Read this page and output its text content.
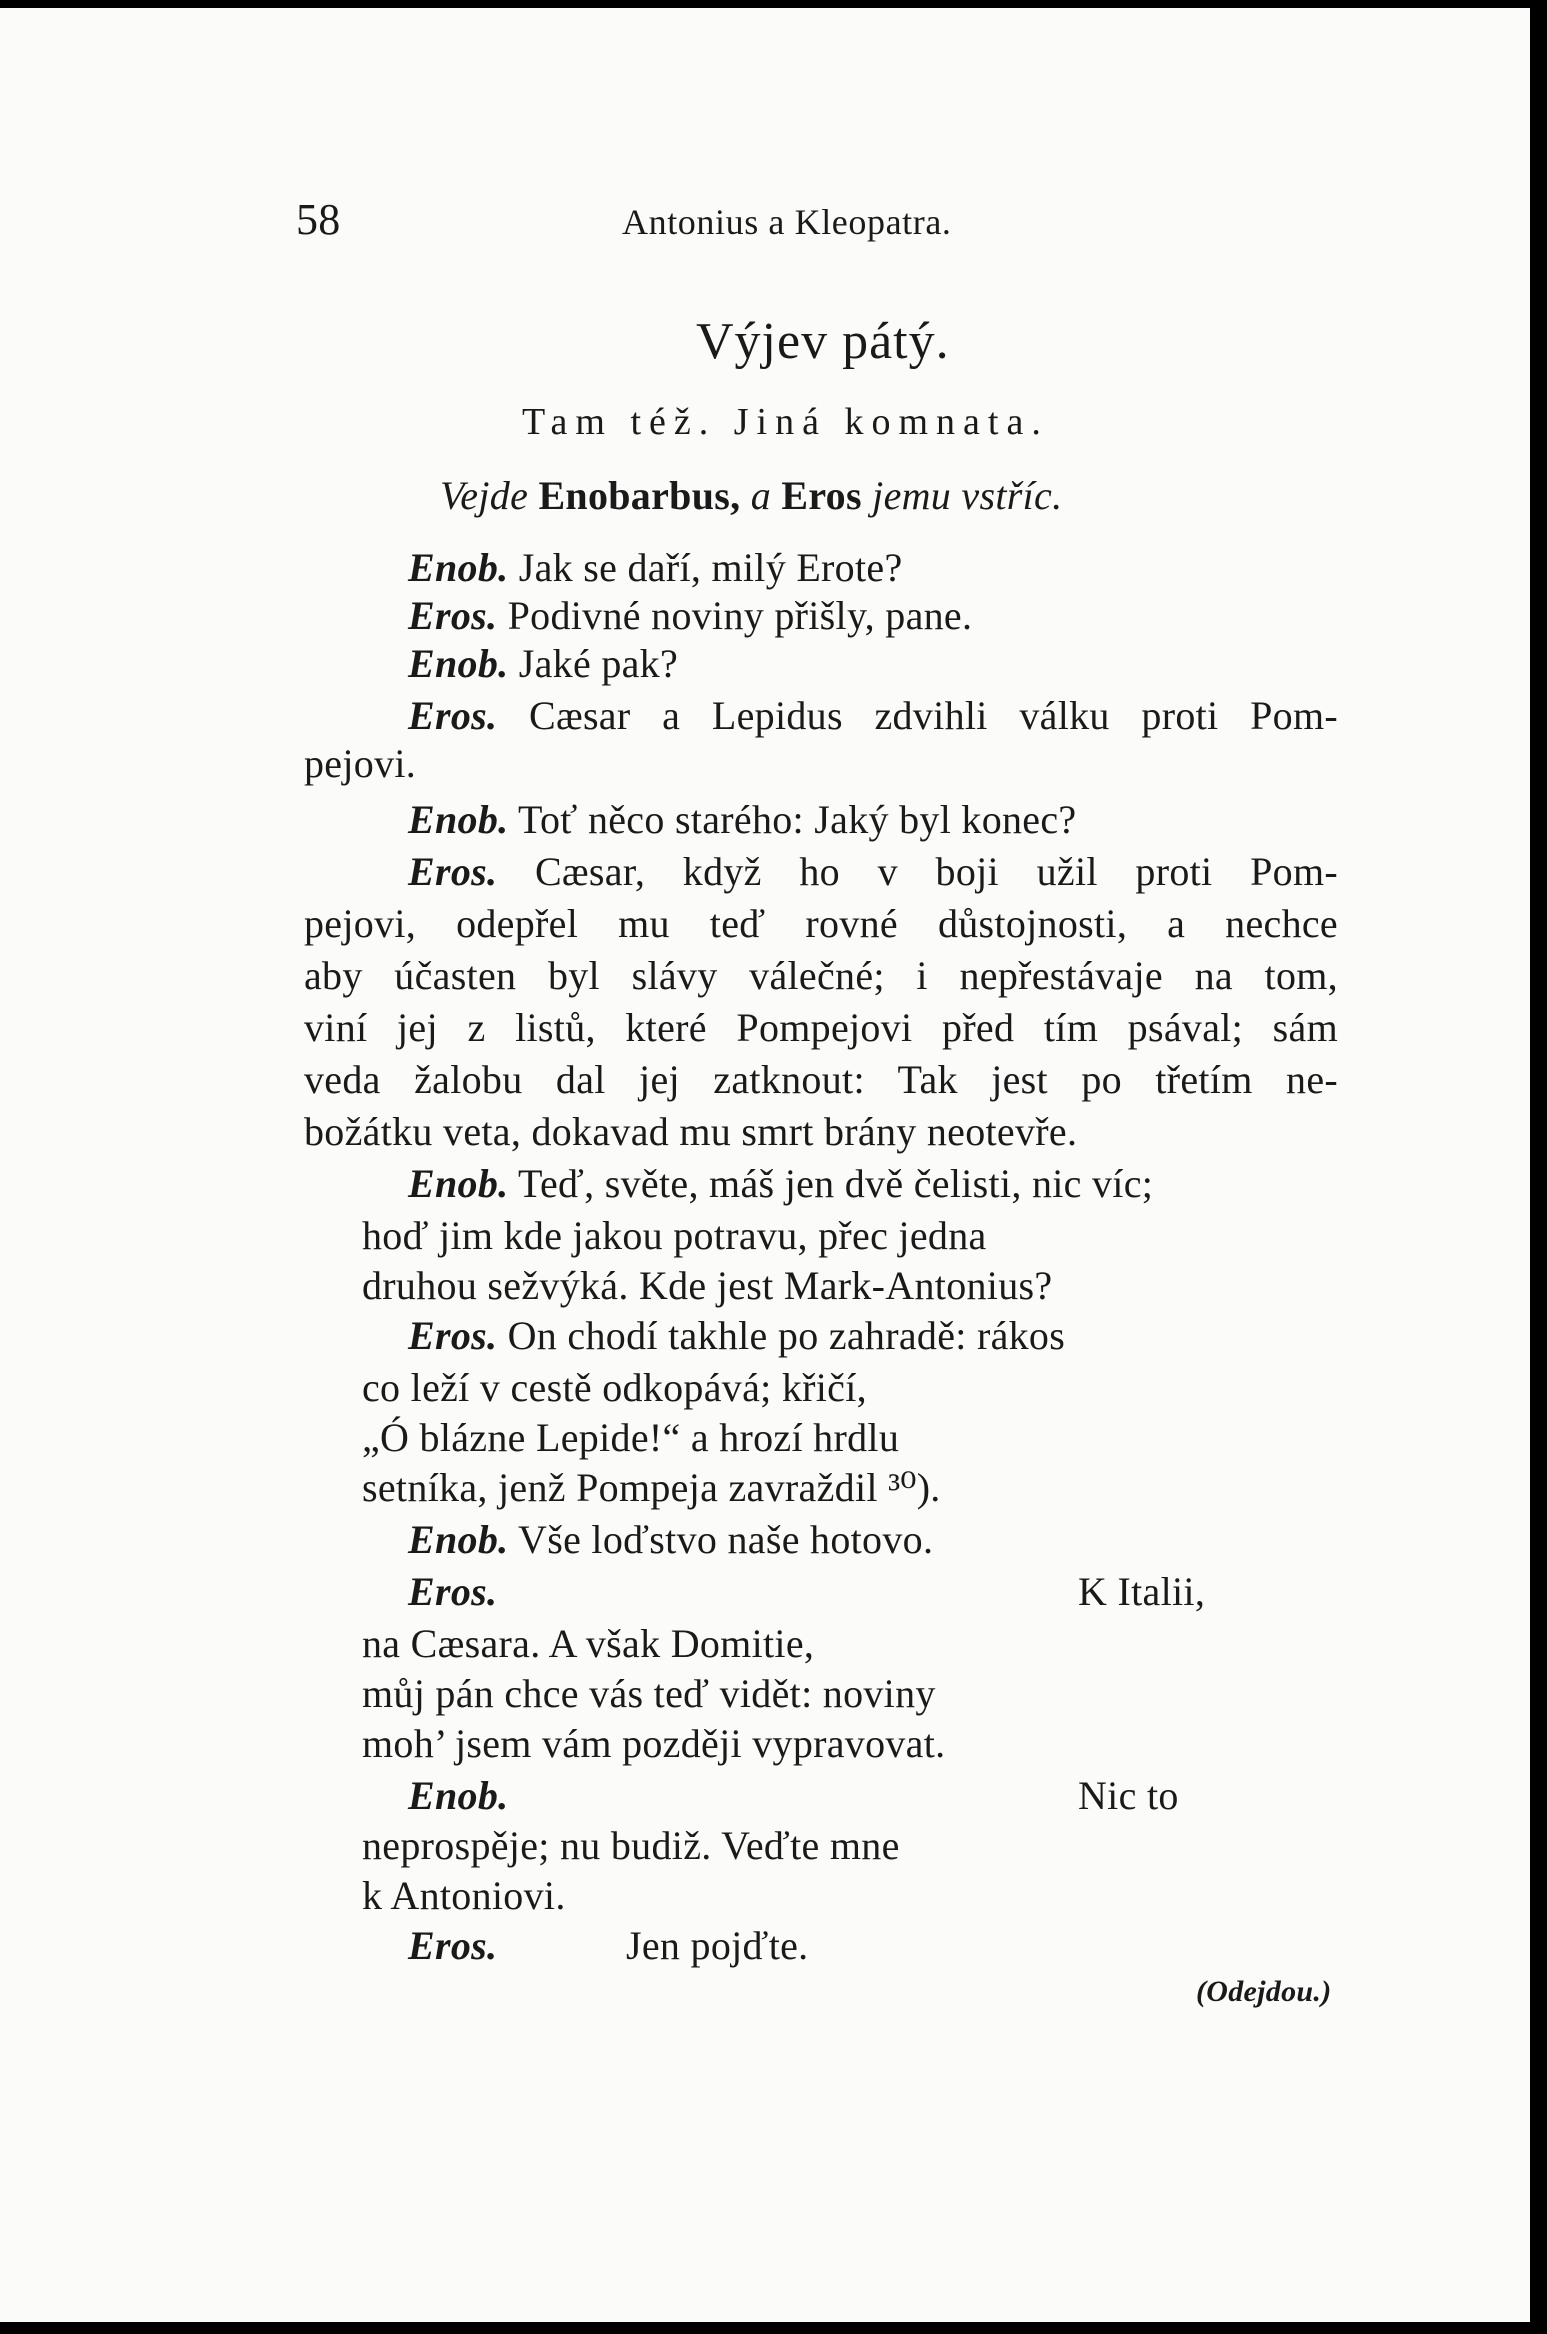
58	Antonius a Kleopatra.
Výjev pátý.
Tam též. Jiná komnata.
Vejde Enobarbus, a Eros jemu vstříc.
Enob. Jak se daří, milý Erote?
Eros. Podivné noviny přišly, pane.
Enob. Jaké pak?
Eros. Cæsar a Lepidus zdvihli válku proti Pom-
pejovi.
Enob. Toť něco starého: Jaký byl konec?
Eros. Cæsar, když ho v boji užil proti Pom-
pejovi, odepřel mu teď rovné důstojnosti, a nechce
aby účasten byl slávy válečné; i nepřestávaje na tom,
viní jej z listů, které Pompejovi před tím psával; sám
veda žalobu dal jej zatknout: Tak jest po třetím ne-
božátku veta, dokavad mu smrt brány neotevře.
Enob. Teď, světe, máš jen dvě čelisti, nic víc;
hoď jim kde jakou potravu, přec jedna
druhou sežvýká. Kde jest Mark-Antonius?
Eros. On chodí takhle po zahradě: rákos
co leží v cestě odkopává; křičí,
„Ó blázne Lepide!“ a hrozí hrdlu
setníka, jenž Pompeja zavraždil ³⁰).
Enob. Vše loďstvo naše hotovo.
Eros.	K Italii,
na Cæsara. A však Domitie,
můj pán chce vás teď vidět: noviny
moh’ jsem vám později vypravovat.
Enob.	Nic to
neprospěje; nu budiž. Veďte mne
k Antoniovi.
Eros.	Jen pojďte.
(Odejdou.)
